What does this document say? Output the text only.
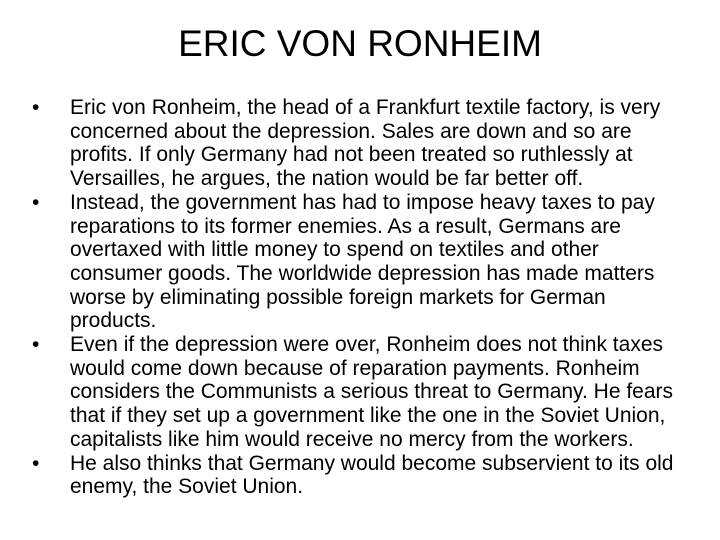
ERIC VON RONHEIM
• Eric von Ronheim, the head of a Frankfurt textile factory, is very concerned about the depression. Sales are down and so are profits. If only Germany had not been treated so ruthlessly at Versailles, he argues, the nation would be far better off.
• Instead, the government has had to impose heavy taxes to pay reparations to its former enemies. As a result, Germans are overtaxed with little money to spend on textiles and other consumer goods. The worldwide depression has made matters worse by eliminating possible foreign markets for German products.
• Even if the depression were over, Ronheim does not think taxes would come down because of reparation payments. Ronheim considers the Communists a serious threat to Germany. He fears that if they set up a government like the one in the Soviet Union, capitalists like him would receive no mercy from the workers.
• He also thinks that Germany would become subservient to its old enemy, the Soviet Union.
